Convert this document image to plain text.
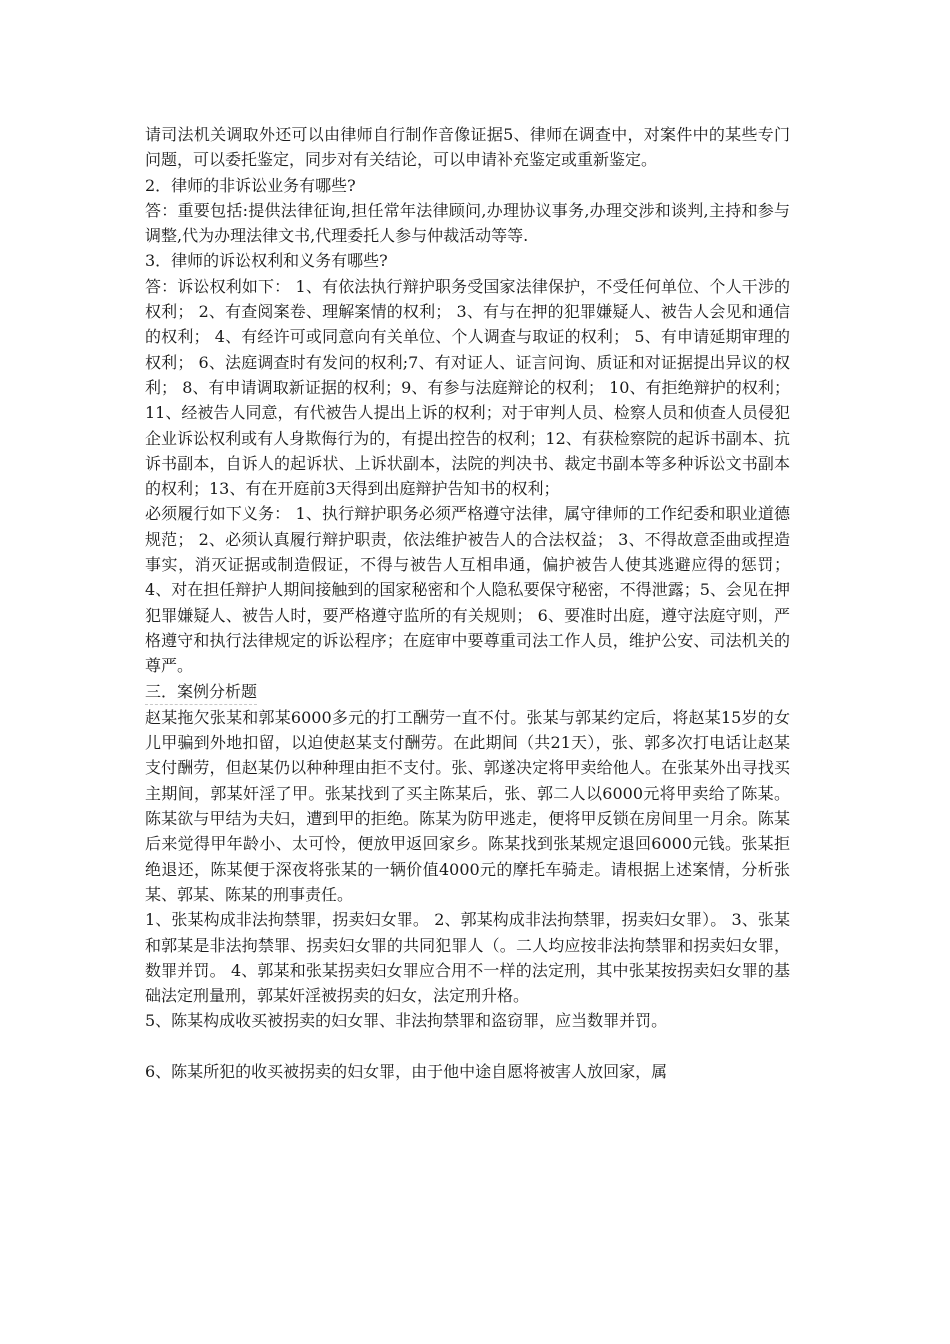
请司法机关调取外还可以由律师自行制作音像证据5、律师在调查中，对案件中的某些专门问题，可以委托鉴定，同步对有关结论，可以申请补充鉴定或重新鉴定。

2．律师的非诉讼业务有哪些?

答：重要包括:提供法律征询,担任常年法律顾问,办理协议事务,办理交涉和谈判,主持和参与调整,代为办理法律文书,代理委托人参与仲裁活动等等.

3．律师的诉讼权利和义务有哪些?

答：诉讼权利如下： 1、有依法执行辩护职务受国家法律保护，不受任何单位、个人干涉的权利； 2、有查阅案卷、理解案情的权利； 3、有与在押的犯罪嫌疑人、被告人会见和通信的权利； 4、有经许可或同意向有关单位、个人调查与取证的权利； 5、有申请延期审理的权利； 6、法庭调查时有发问的权利;7、有对证人、证言问询、质证和对证据提出异议的权利； 8、有申请调取新证据的权利；9、有参与法庭辩论的权利； 10、有拒绝辩护的权利； 11、经被告人同意，有代被告人提出上诉的权利；对于审判人员、检察人员和侦查人员侵犯企业诉讼权利或有人身欺侮行为的，有提出控告的权利；12、有获检察院的起诉书副本、抗诉书副本，自诉人的起诉状、上诉状副本，法院的判决书、裁定书副本等多种诉讼文书副本的权利；13、有在开庭前3天得到出庭辩护告知书的权利；

必须履行如下义务： 1、执行辩护职务必须严格遵守法律，属守律师的工作纪委和职业道德规范； 2、必须认真履行辩护职责，依法维护被告人的合法权益； 3、不得故意歪曲或捏造事实，消灭证据或制造假证，不得与被告人互相串通，偏护被告人使其逃避应得的惩罚；4、对在担任辩护人期间接触到的国家秘密和个人隐私要保守秘密，不得泄露；5、会见在押犯罪嫌疑人、被告人时，要严格遵守监所的有关规则； 6、要准时出庭，遵守法庭守则，严格遵守和执行法律规定的诉讼程序；在庭审中要尊重司法工作人员，维护公安、司法机关的尊严。

三．案例分析题

赵某拖欠张某和郭某6000多元的打工酬劳一直不付。张某与郭某约定后，将赵某15岁的女儿甲骗到外地扣留，以迫使赵某支付酬劳。在此期间（共21天），张、郭多次打电话让赵某支付酬劳，但赵某仍以种种理由拒不支付。张、郭遂决定将甲卖给他人。在张某外出寻找买主期间，郭某奸淫了甲。张某找到了买主陈某后，张、郭二人以6000元将甲卖给了陈某。陈某欲与甲结为夫妇，遭到甲的拒绝。陈某为防甲逃走，便将甲反锁在房间里一月余。陈某后来觉得甲年龄小、太可怜，便放甲返回家乡。陈某找到张某规定退回6000元钱。张某拒绝退还，陈某便于深夜将张某的一辆价值4000元的摩托车骑走。请根据上述案情，分析张某、郭某、陈某的刑事责任。

1、张某构成非法拘禁罪，拐卖妇女罪。 2、郭某构成非法拘禁罪，拐卖妇女罪）。 3、张某和郭某是非法拘禁罪、拐卖妇女罪的共同犯罪人（。二人均应按非法拘禁罪和拐卖妇女罪，数罪并罚。 4、郭某和张某拐卖妇女罪应合用不一样的法定刑，其中张某按拐卖妇女罪的基础法定刑量刑，郭某奸淫被拐卖的妇女，法定刑升格。

5、陈某构成收买被拐卖的妇女罪、非法拘禁罪和盗窃罪，应当数罪并罚。

6、陈某所犯的收买被拐卖的妇女罪，由于他中途自愿将被害人放回家，属
